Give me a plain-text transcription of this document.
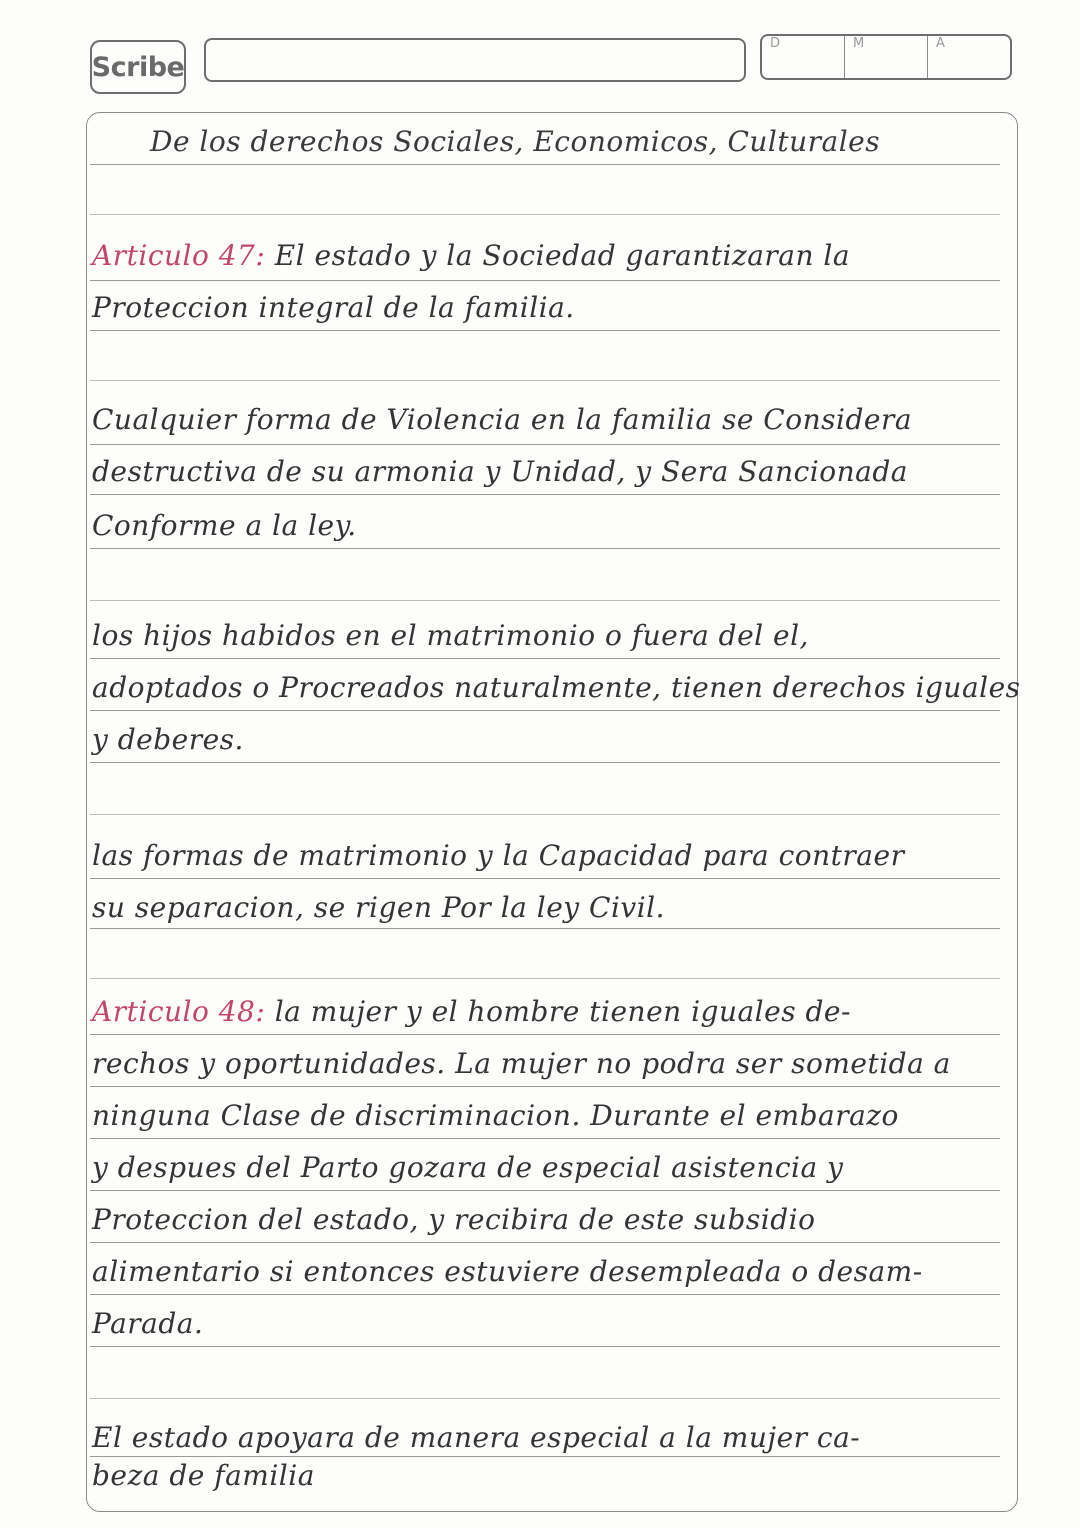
Scribe
D	M	A
De los derechos Sociales, Economicos, Culturales
Articulo 47: El estado y la Sociedad garantizaran la
Proteccion integral de la familia.
Cualquier forma de Violencia en la familia se Considera
destructiva de su armonia y Unidad, y Sera Sancionada
Conforme a la ley.
los hijos habidos en el matrimonio o fuera del el,
adoptados o Procreados naturalmente, tienen derechos iguales
y deberes.
las formas de matrimonio y la Capacidad para contraer
su separacion, se rigen Por la ley Civil.
Articulo 48: la mujer y el hombre tienen iguales de-
rechos y oportunidades. La mujer no podra ser sometida a
ninguna Clase de discriminacion. Durante el embarazo
y despues del Parto gozara de especial asistencia y
Proteccion del estado, y recibira de este subsidio
alimentario si entonces estuviere desempleada o desam-
Parada.
El estado apoyara de manera especial a la mujer ca-
beza de familia
